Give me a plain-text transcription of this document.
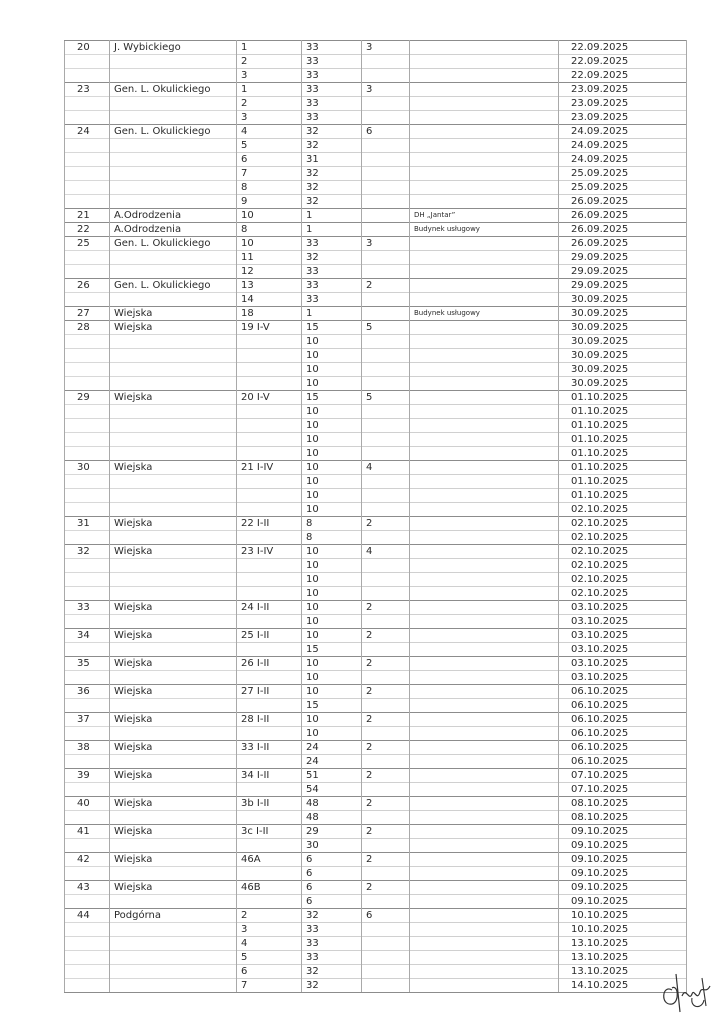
20	J. Wybickiego	1	33	3		22.09.2025
		2	33			22.09.2025
		3	33			22.09.2025
23	Gen. L. Okulickiego	1	33	3		23.09.2025
		2	33			23.09.2025
		3	33			23.09.2025
24	Gen. L. Okulickiego	4	32	6		24.09.2025
		5	32			24.09.2025
		6	31			24.09.2025
		7	32			25.09.2025
		8	32			25.09.2025
		9	32			26.09.2025
21	A.Odrodzenia	10	1		DH „Jantar”	26.09.2025
22	A.Odrodzenia	8	1		Budynek usługowy	26.09.2025
25	Gen. L. Okulickiego	10	33	3		26.09.2025
		11	32			29.09.2025
		12	33			29.09.2025
26	Gen. L. Okulickiego	13	33	2		29.09.2025
		14	33			30.09.2025
27	Wiejska	18	1		Budynek usługowy	30.09.2025
28	Wiejska	19 I-V	15	5		30.09.2025
			10			30.09.2025
			10			30.09.2025
			10			30.09.2025
			10			30.09.2025
29	Wiejska	20 I-V	15	5		01.10.2025
			10			01.10.2025
			10			01.10.2025
			10			01.10.2025
			10			01.10.2025
30	Wiejska	21 I-IV	10	4		01.10.2025
			10			01.10.2025
			10			01.10.2025
			10			02.10.2025
31	Wiejska	22 I-II	8	2		02.10.2025
			8			02.10.2025
32	Wiejska	23 I-IV	10	4		02.10.2025
			10			02.10.2025
			10			02.10.2025
			10			02.10.2025
33	Wiejska	24 I-II	10	2		03.10.2025
			10			03.10.2025
34	Wiejska	25 I-II	10	2		03.10.2025
			15			03.10.2025
35	Wiejska	26 I-II	10	2		03.10.2025
			10			03.10.2025
36	Wiejska	27 I-II	10	2		06.10.2025
			15			06.10.2025
37	Wiejska	28 I-II	10	2		06.10.2025
			10			06.10.2025
38	Wiejska	33 I-II	24	2		06.10.2025
			24			06.10.2025
39	Wiejska	34 I-II	51	2		07.10.2025
			54			07.10.2025
40	Wiejska	3b I-II	48	2		08.10.2025
			48			08.10.2025
41	Wiejska	3c I-II	29	2		09.10.2025
			30			09.10.2025
42	Wiejska	46A	6	2		09.10.2025
			6			09.10.2025
43	Wiejska	46B	6	2		09.10.2025
			6			09.10.2025
44	Podgórna	2	32	6		10.10.2025
		3	33			10.10.2025
		4	33			13.10.2025
		5	33			13.10.2025
		6	32			13.10.2025
		7	32			14.10.2025
